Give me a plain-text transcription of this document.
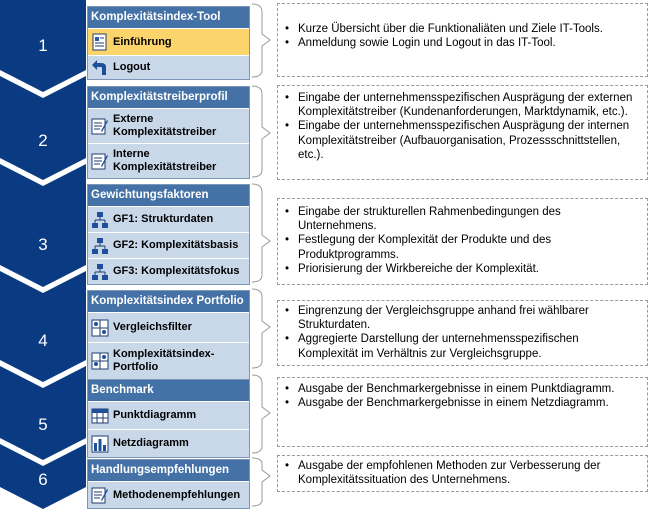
1
2
3
4
5
6
Komplexitätsindex-Tool
Einführung
Logout
Komplexitätstreiberprofil
Externe
Komplexitätstreiber
Interne
Komplexitätstreiber
Gewichtungsfaktoren
GF1: Strukturdaten
GF2: Komplexitätsbasis
GF3: Komplexitätsfokus
Komplexitätsindex Portfolio
Vergleichsfilter
Komplexitätsindex-
Portfolio
Benchmark
Punktdiagramm
Netzdiagramm
Handlungsempfehlungen
Methodenempfehlungen
• Kurze Übersicht über die Funktionaliäten und Ziele IT-Tools.
• Anmeldung sowie Login und Logout in das IT-Tool.
• Eingabe der unternehmensspezifischen Ausprägung der externen Komplexitätstreiber (Kundenanforderungen, Marktdynamik, etc.).
• Eingabe der unternehmensspezifischen Ausprägung der internen Komplexitätstreiber (Aufbauorganisation, Prozessschnittstellen, etc.).
• Eingabe der strukturellen Rahmenbedingungen des Unternehmens.
• Festlegung der Komplexität der Produkte und des Produktprogramms.
• Priorisierung der Wirkbereiche der Komplexität.
• Eingrenzung der Vergleichsgruppe anhand frei wählbarer Strukturdaten.
• Aggregierte Darstellung der unternehmensspezifischen Komplexität im Verhältnis zur Vergleichsgruppe.
• Ausgabe der Benchmarkergebnisse in einem Punktdiagramm.
• Ausgabe der Benchmarkergebnisse in einem Netzdiagramm.
• Ausgabe der empfohlenen Methoden zur Verbesserung der Komplexitätssituation des Unternehmens.
